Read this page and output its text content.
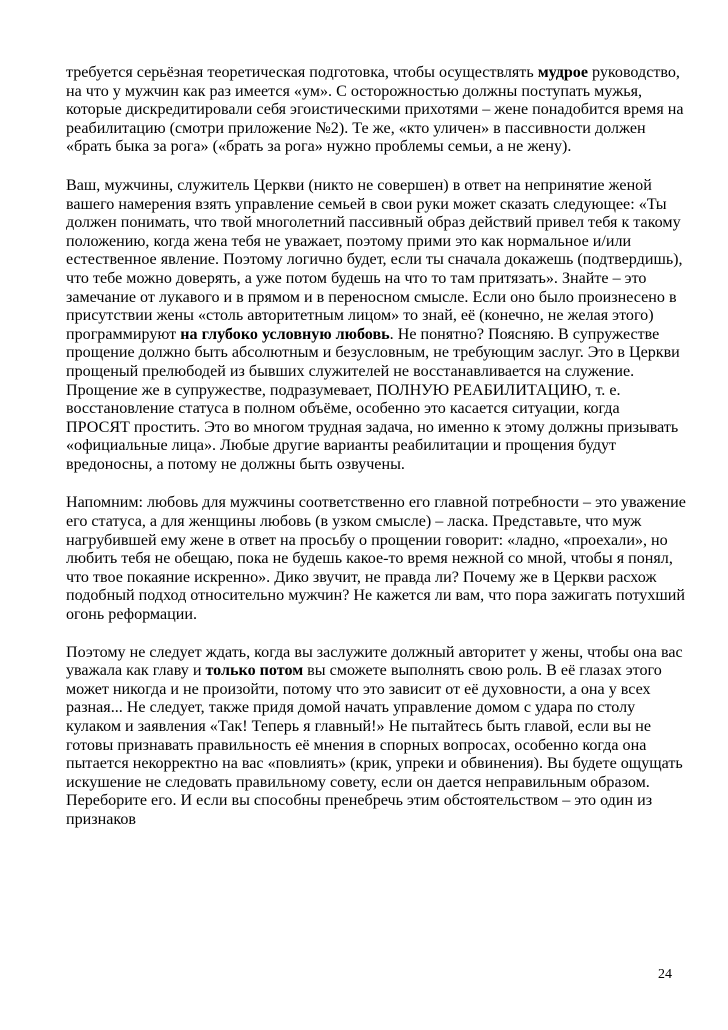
требуется серьёзная теоретическая подготовка, чтобы осуществлять мудрое руководство, на что у мужчин как раз имеется «ум». С осторожностью должны поступать мужья, которые дискредитировали себя эгоистическими прихотями – жене понадобится время на реабилитацию (смотри приложение №2). Те же, «кто уличен» в пассивности должен «брать быка за рога» («брать за рога» нужно проблемы семьи, а не жену).

Ваш, мужчины, служитель Церкви (никто не совершен) в ответ на непринятие женой вашего намерения взять управление семьей в свои руки может сказать следующее: «Ты должен понимать, что твой многолетний пассивный образ действий привел тебя к такому положению, когда жена тебя не уважает, поэтому прими это как нормальное и/или естественное явление. Поэтому логично будет, если ты сначала докажешь (подтвердишь), что тебе можно доверять, а уже потом будешь на что то там притязать». Знайте – это замечание от лукавого и в прямом и в переносном смысле. Если оно было произнесено в присутствии жены «столь авторитетным лицом» то знай, её (конечно, не желая этого) программируют на глубоко условную любовь. Не понятно? Поясняю. В супружестве прощение должно быть абсолютным и безусловным, не требующим заслуг. Это в Церкви прощеный прелюбодей из бывших служителей не восстанавливается на служение. Прощение же в супружестве, подразумевает, ПОЛНУЮ РЕАБИЛИТАЦИЮ, т. е. восстановление статуса в полном объёме, особенно это касается ситуации, когда ПРОСЯТ простить. Это во многом трудная задача, но именно к этому должны призывать «официальные лица». Любые другие варианты реабилитации и прощения будут вредоносны, а потому не должны быть озвучены.

Напомним: любовь для мужчины соответственно его главной потребности – это уважение его статуса, а для женщины любовь (в узком смысле) – ласка. Представьте, что муж нагрубившей ему жене в ответ на просьбу о прощении говорит: «ладно, «проехали», но любить тебя не обещаю, пока не будешь какое-то время нежной со мной, чтобы я понял, что твое покаяние искренно». Дико звучит, не правда ли? Почему же в Церкви расхож подобный подход относительно мужчин? Не кажется ли вам, что пора зажигать потухший огонь реформации.

Поэтому не следует ждать, когда вы заслужите должный авторитет у жены, чтобы она вас уважала как главу и только потом вы сможете выполнять свою роль. В её глазах этого может никогда и не произойти, потому что это зависит от её духовности, а она у всех разная... Не следует, также придя домой начать управление домом с удара по столу кулаком и заявления «Так! Теперь я главный!» Не пытайтесь быть главой, если вы не готовы признавать правильность её мнения в спорных вопросах, особенно когда она пытается некорректно на вас «повлиять» (крик, упреки и обвинения). Вы будете ощущать искушение не следовать правильному совету, если он дается неправильным образом. Переборите его. И если вы способны пренебречь этим обстоятельством – это один из признаков

24
